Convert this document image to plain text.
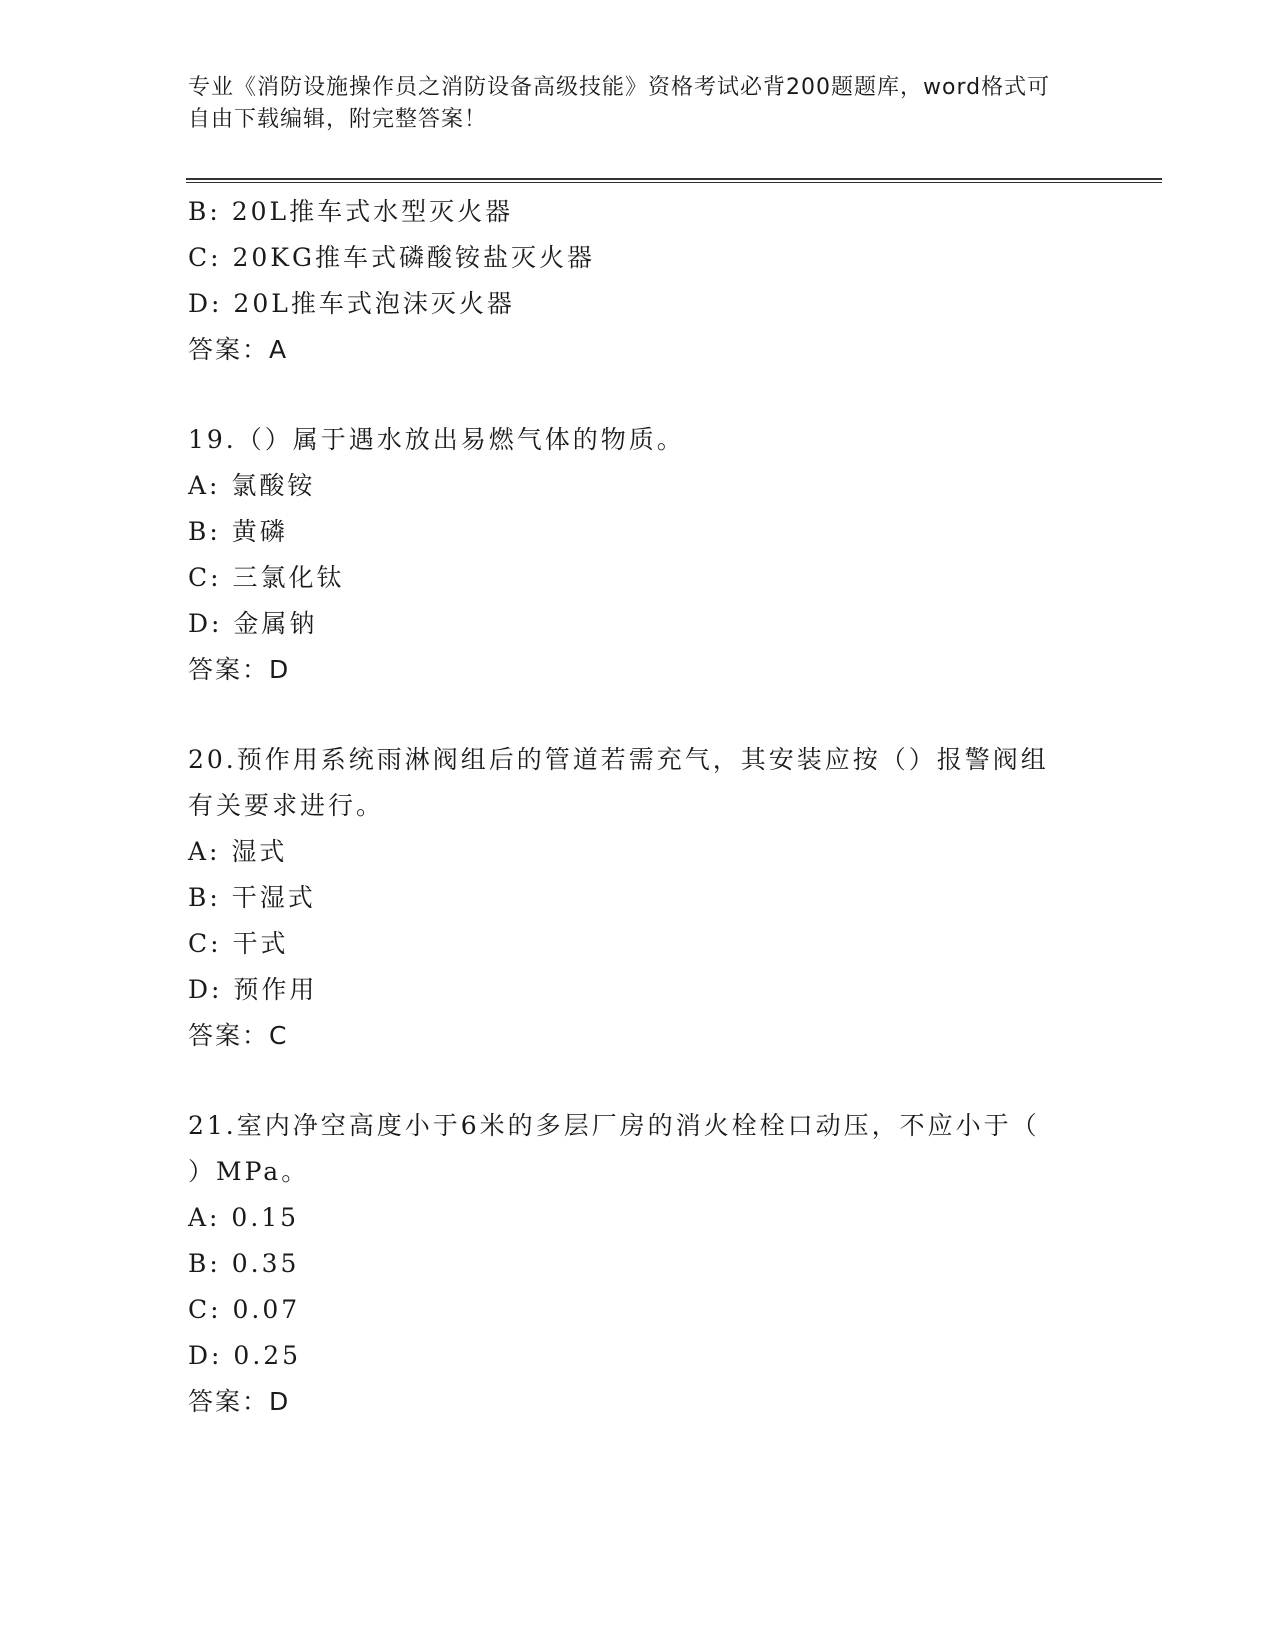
专业《消防设施操作员之消防设备高级技能》资格考试必背200题题库，word格式可自由下载编辑，附完整答案！
B: 20L推车式水型灭火器
C: 20KG推车式磷酸铵盐灭火器
D: 20L推车式泡沫灭火器
答案：A
19.（）属于遇水放出易燃气体的物质。
A: 氯酸铵
B: 黄磷
C: 三氯化钛
D: 金属钠
答案：D
20.预作用系统雨淋阀组后的管道若需充气，其安装应按（）报警阀组
有关要求进行。
A: 湿式
B: 干湿式
C: 干式
D: 预作用
答案：C
21.室内净空高度小于6米的多层厂房的消火栓栓口动压，不应小于（
）MPa。
A: 0.15
B: 0.35
C: 0.07
D: 0.25
答案：D
